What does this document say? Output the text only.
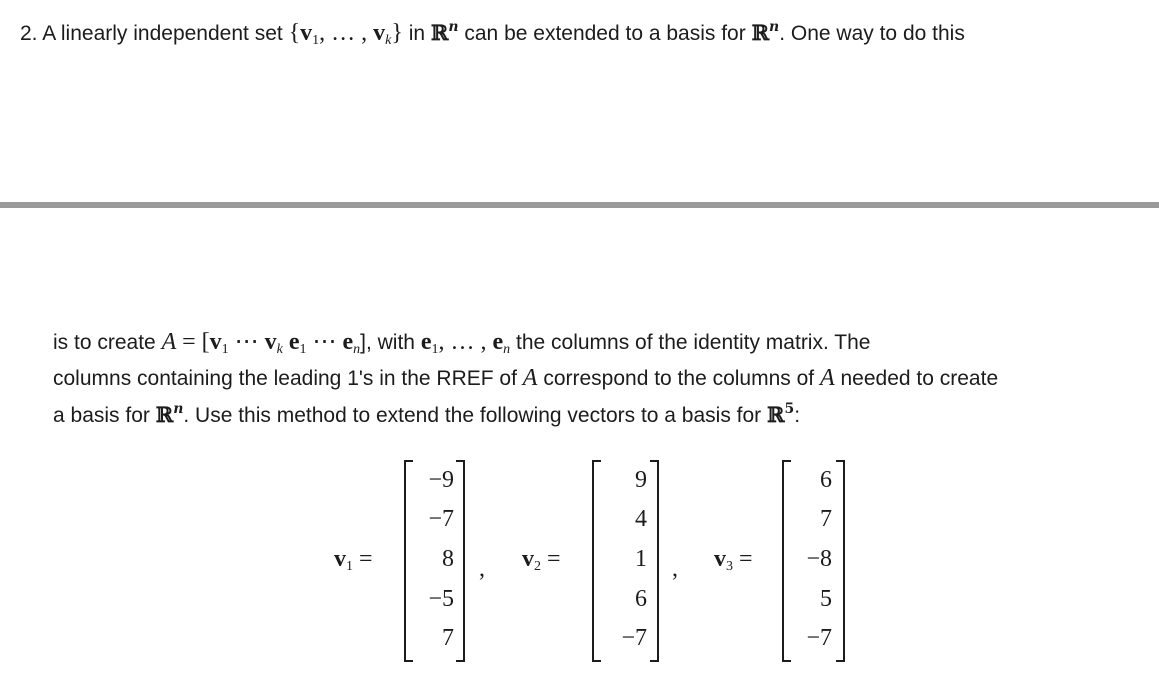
2. A linearly independent set {$v_1$, … , $v_k$} in ℝ$^n$ can be extended to a basis for ℝ$^n$. One way to do this
is to create $A = [v_1$ ⋯ $v_k$ $e_1$ ⋯ $e_n$], with $e_1$, … , $e_n$ the columns of the identity matrix. The
columns containing the leading 1's in the RREF of A correspond to the columns of A needed to create
a basis for ℝ$^n$. Use this method to extend the following vectors to a basis for ℝ$^5$:
$v_1$ =
−9
−7
8
−5
7
, $v_2$ =
9
4
1
6
−7
, $v_3$ =
6
7
−8
5
−7
